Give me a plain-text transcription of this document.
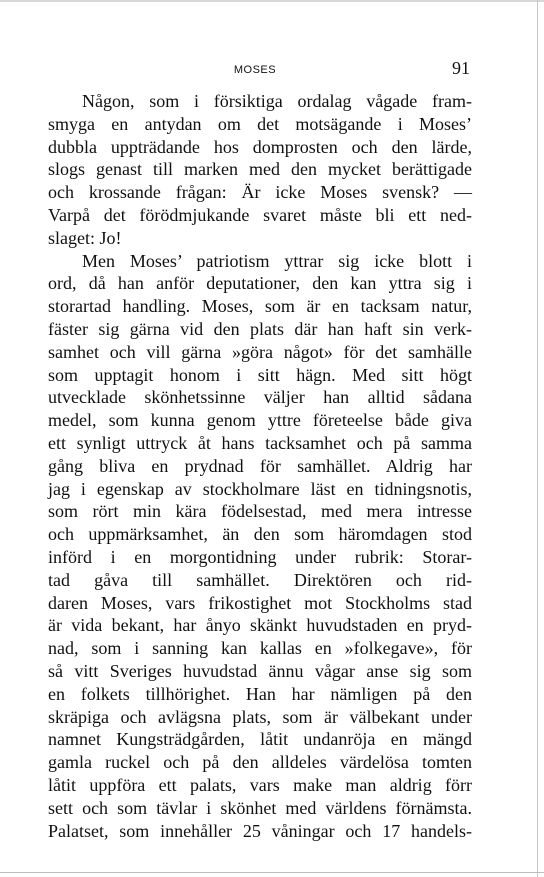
MOSES	91
Någon, som i försiktiga ordalag vågade fram-
smyga en antydan om det motsägande i Moses’
dubbla uppträdande hos domprosten och den lärde,
slogs genast till marken med den mycket berättigade
och krossande frågan: Är icke Moses svensk? —
Varpå det förödmjukande svaret måste bli ett ned-
slaget: Jo!
Men Moses’ patriotism yttrar sig icke blott i
ord, då han anför deputationer, den kan yttra sig i
storartad handling. Moses, som är en tacksam natur,
fäster sig gärna vid den plats där han haft sin verk-
samhet och vill gärna »göra något» för det samhälle
som upptagit honom i sitt hägn. Med sitt högt
utvecklade skönhetssinne väljer han alltid sådana
medel, som kunna genom yttre företeelse både giva
ett synligt uttryck åt hans tacksamhet och på samma
gång bliva en prydnad för samhället. Aldrig har
jag i egenskap av stockholmare läst en tidningsnotis,
som rört min kära födelsestad, med mera intresse
och uppmärksamhet, än den som häromdagen stod
införd i en morgontidning under rubrik: Storar-
tad gåva till samhället. Direktören och rid-
daren Moses, vars frikostighet mot Stockholms stad
är vida bekant, har ånyo skänkt huvudstaden en pryd-
nad, som i sanning kan kallas en »folkegave», för
så vitt Sveriges huvudstad ännu vågar anse sig som
en folkets tillhörighet. Han har nämligen på den
skräpiga och avlägsna plats, som är välbekant under
namnet Kungsträdgården, låtit undanröja en mängd
gamla ruckel och på den alldeles värdelösa tomten
låtit uppföra ett palats, vars make man aldrig förr
sett och som tävlar i skönhet med världens förnämsta.
Palatset, som innehåller 25 våningar och 17 handels-
